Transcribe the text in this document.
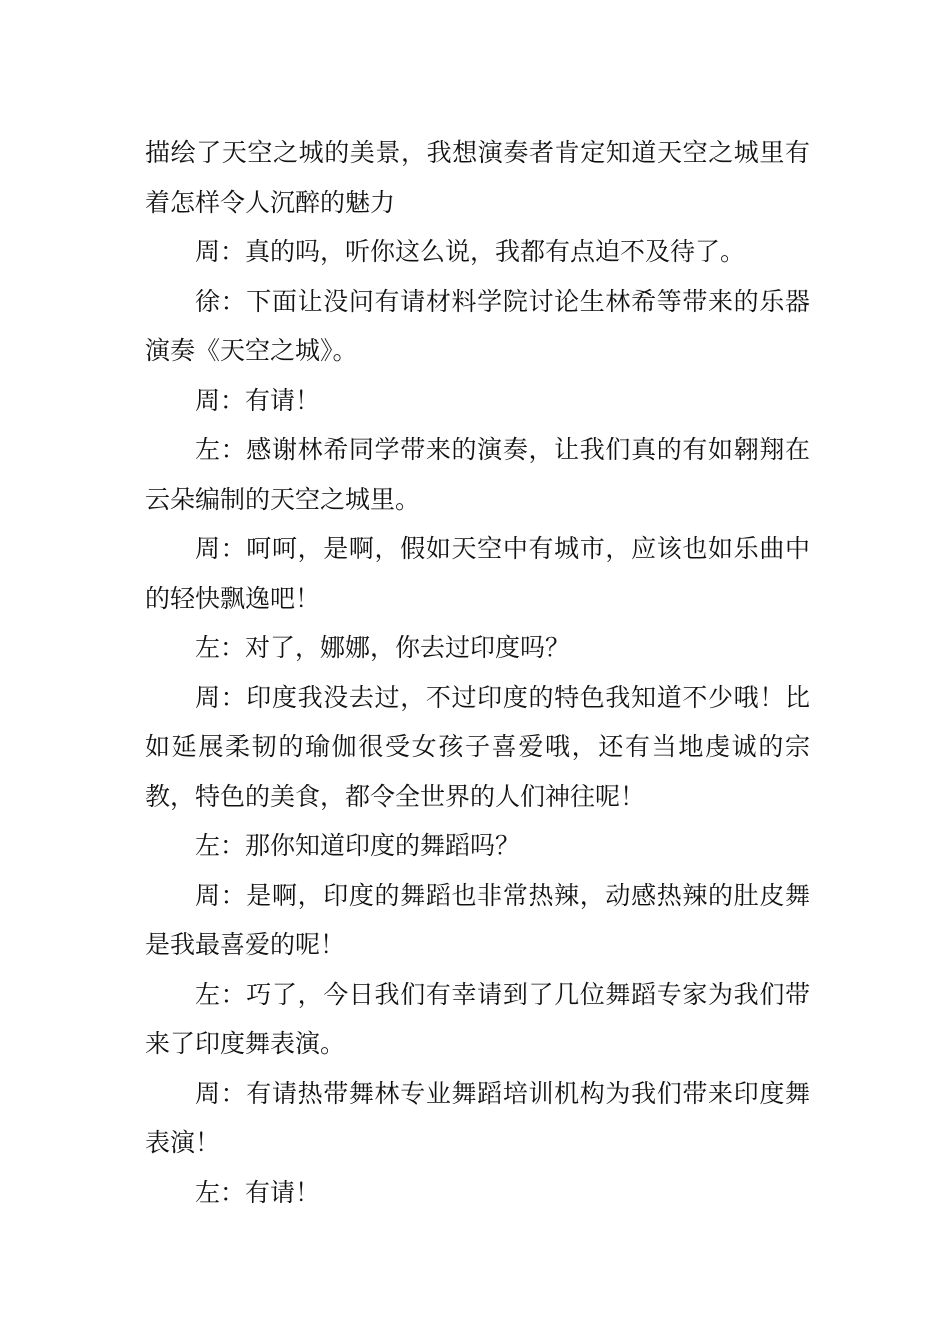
描绘了天空之城的美景，我想演奏者肯定知道天空之城里有着怎样令人沉醉的魅力

周：真的吗，听你这么说，我都有点迫不及待了。

徐：下面让没问有请材料学院讨论生林希等带来的乐器演奏《天空之城》。

周：有请！

左：感谢林希同学带来的演奏，让我们真的有如翱翔在云朵编制的天空之城里。

周：呵呵，是啊，假如天空中有城市，应该也如乐曲中的轻快飘逸吧！

左：对了，娜娜，你去过印度吗？

周：印度我没去过，不过印度的特色我知道不少哦！比如延展柔韧的瑜伽很受女孩子喜爱哦，还有当地虔诚的宗教，特色的美食，都令全世界的人们神往呢！

左：那你知道印度的舞蹈吗？

周：是啊，印度的舞蹈也非常热辣，动感热辣的肚皮舞是我最喜爱的呢！

左：巧了，今日我们有幸请到了几位舞蹈专家为我们带来了印度舞表演。

周：有请热带舞林专业舞蹈培训机构为我们带来印度舞表演！

左：有请！
